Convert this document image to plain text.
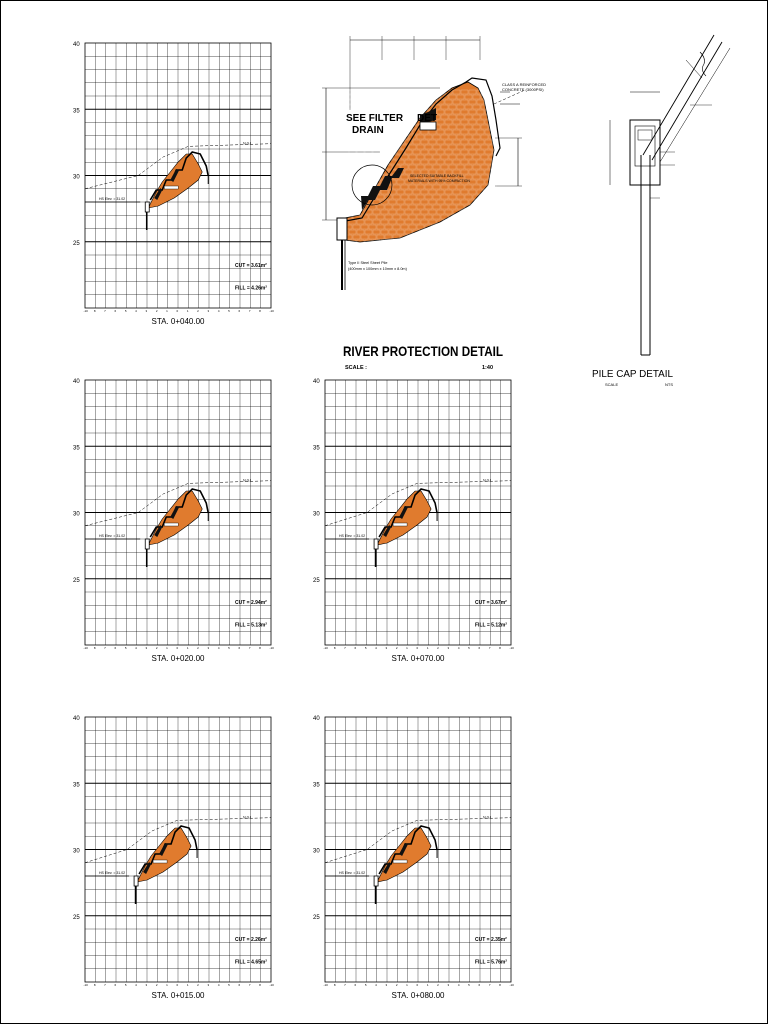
40
35
30
25
-10 8	7	6	5	4	3	2	1	0	1	2	3	4	5	6	7	8	-10
HS Elev. = 31.02
N.G.L.
CUT = $3.61m^2$
FILL = $4.26m^2$
STA. 0+040.00
40
35
30
25
-10 8	7	6	5	4	3	2	1	0	1	2	3	4	5	6	7	8	-10
HS Elev. = 31.02
N.G.L.
CUT = $2.94m^2$
FILL = $5.13m^2$
STA. 0+020.00
40
35
30
25
-10 8	7	6	5	4	3	2	1	0	1	2	3	4	5	6	7	8	-10
HS Elev. = 31.02
N.G.L.
CUT = $3.67m^2$
FILL = $5.12m^2$
STA. 0+070.00
40
35
30
25
-10 8	7	6	5	4	3	2	1	0	1	2	3	4	5	6	7	8	-10
HS Elev. = 31.02
N.G.L.
CUT = $2.26m^2$
FILL = $4.65m^2$
STA. 0+015.00
40
35
30
25
-10 8	7	6	5	4	3	2	1	0	1	2	3	4	5	6	7	8	-10
HS Elev. = 31.02
N.G.L.
CUT = $2.35m^2$
FILL = $5.76m^2$
STA. 0+080.00
SEE FILTER
DRAIN
DET
CLASS A REINFORCED
CONCRETE (3000PSI)
SELECTED SUITABLE BACKFILL
MATERIALS WITH 95% COMPACTION
Type II Steel Sheet Pile
(400mm x 100mm x 10mm x 8.0m)
RIVER PROTECTION DETAIL
SCALE :	1:40
PILE CAP DETAIL
SCALE	NTS
